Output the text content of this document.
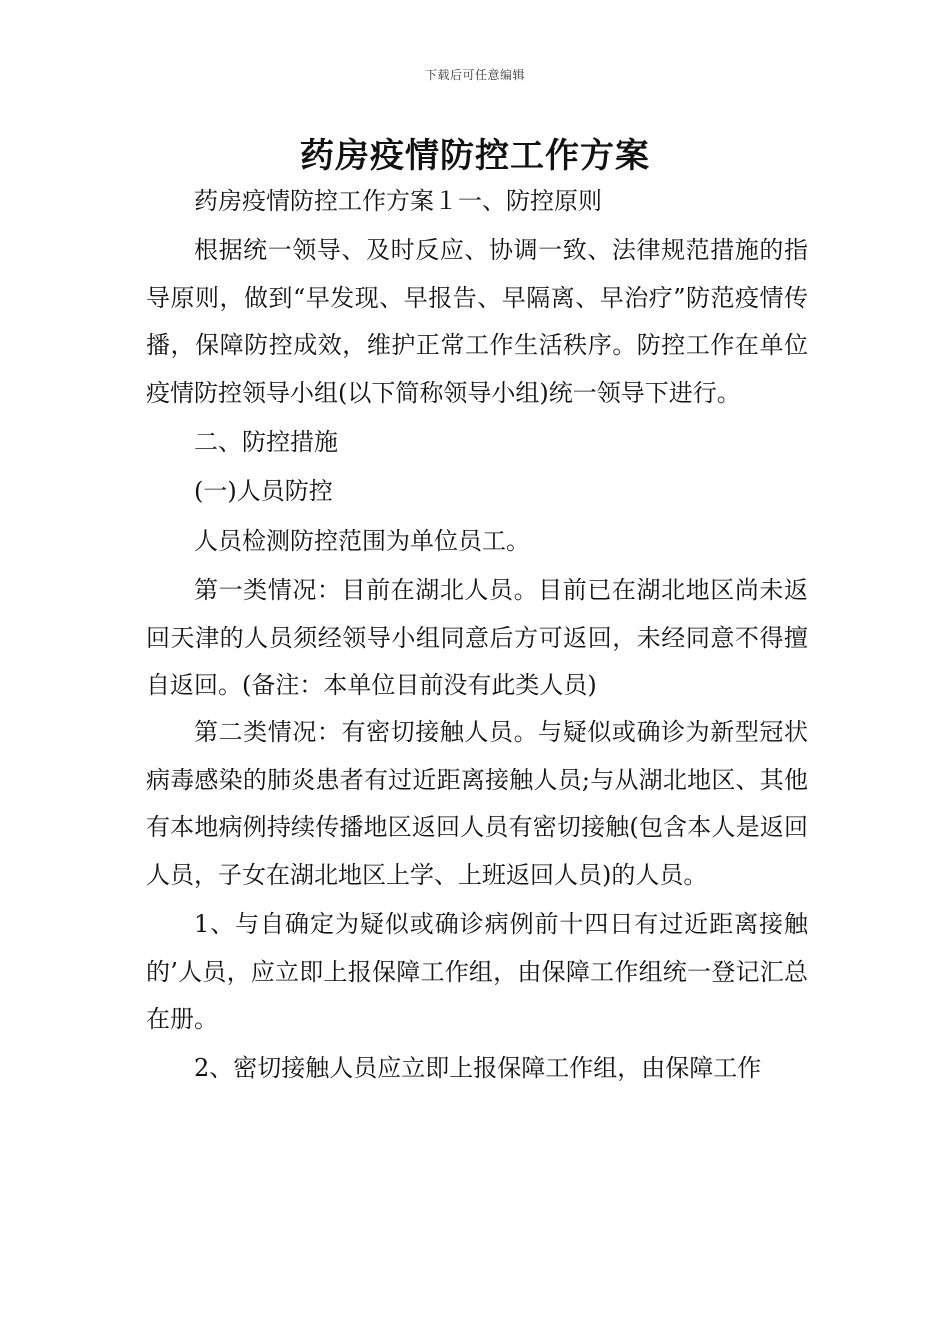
下载后可任意编辑
药房疫情防控工作方案

药房疫情防控工作方案１一、防控原则

根据统一领导、及时反应、协调一致、法律规范措施的指导原则，做到“早发现、早报告、早隔离、早治疗”防范疫情传播，保障防控成效，维护正常工作生活秩序。防控工作在单位疫情防控领导小组(以下简称领导小组)统一领导下进行。

二、防控措施

(一)人员防控

人员检测防控范围为单位员工。

第一类情况：目前在湖北人员。目前已在湖北地区尚未返回天津的人员须经领导小组同意后方可返回，未经同意不得擅自返回。(备注：本单位目前没有此类人员)

第二类情况：有密切接触人员。与疑似或确诊为新型冠状病毒感染的肺炎患者有过近距离接触人员;与从湖北地区、其他有本地病例持续传播地区返回人员有密切接触(包含本人是返回人员，子女在湖北地区上学、上班返回人员)的人员。

1、与自确定为疑似或确诊病例前十四日有过近距离接触的’人员，应立即上报保障工作组，由保障工作组统一登记汇总在册。

2、密切接触人员应立即上报保障工作组，由保障工作
